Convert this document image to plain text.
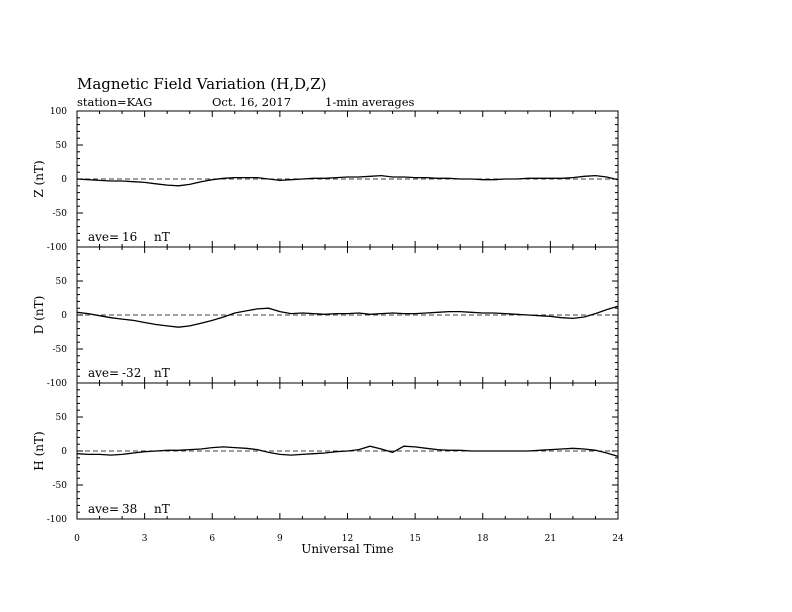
Magnetic Field Variation (H,D,Z)
station=KAG	Oct. 16, 2017	1-min averages
100
50
0
-50
-100
Z (nT)
ave= 16 nT
50
0
-50
-100
D (nT)
ave= -32 nT
50
0
-50
-100
H (nT)
ave= 38 nT
0	3	6	9	12	15	18	21	24
Universal Time
